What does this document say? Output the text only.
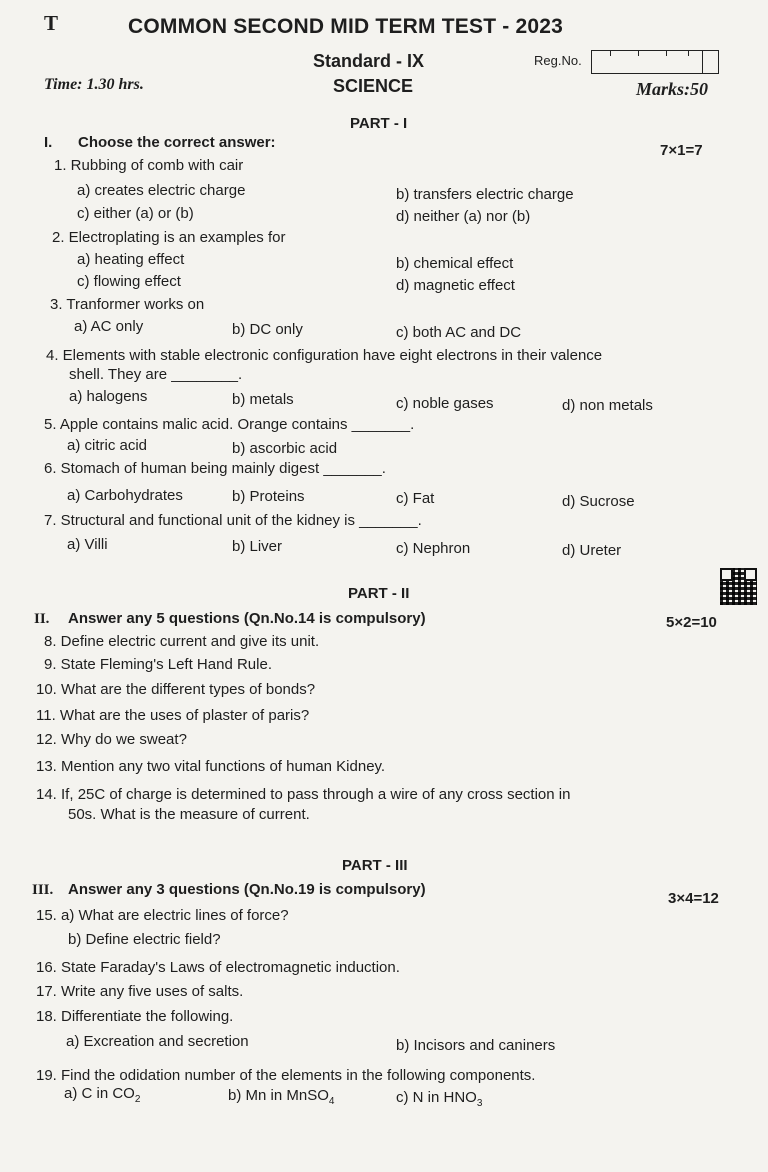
T	COMMON SECOND MID TERM TEST - 2023
Standard - IX	Reg.No.
Time: 1.30 hrs.	SCIENCE	Marks:50
PART - I
I. Choose the correct answer:	7×1=7
1. Rubbing of comb with cair
a) creates electric charge	b) transfers electric charge
c) either (a) or (b)	d) neither (a) nor (b)
2. Electroplating is an examples for
a) heating effect	b) chemical effect
c) flowing effect	d) magnetic effect
3. Tranformer works on
a) AC only	b) DC only	c) both AC and DC
4. Elements with stable electronic configuration have eight electrons in their valence
shell. They are ________.
a) halogens	b) metals	c) noble gases	d) non metals
5. Apple contains malic acid. Orange contains _______.
a) citric acid	b) ascorbic acid
6. Stomach of human being mainly digest _______.
a) Carbohydrates	b) Proteins	c) Fat	d) Sucrose
7. Structural and functional unit of the kidney is _______.
a) Villi	b) Liver	c) Nephron	d) Ureter
PART - II
II. Answer any 5 questions (Qn.No.14 is compulsory)	5×2=10
8. Define electric current and give its unit.
9. State Fleming's Left Hand Rule.
10. What are the different types of bonds?
11. What are the uses of plaster of paris?
12. Why do we sweat?
13. Mention any two vital functions of human Kidney.
14. If, 25C of charge is determined to pass through a wire of any cross section in
50s. What is the measure of current.
PART - III
III. Answer any 3 questions (Qn.No.19 is compulsory)
3×4=12
15. a) What are electric lines of force?
b) Define electric field?
16. State Faraday's Laws of electromagnetic induction.
17. Write any five uses of salts.
18. Differentiate the following.
a) Excreation and secretion	b) Incisors and caniners
19. Find the odidation number of the elements in the following components.
a) C in $CO_2$	b) Mn in MnSO$_4$	c) N in $HNO_3$
